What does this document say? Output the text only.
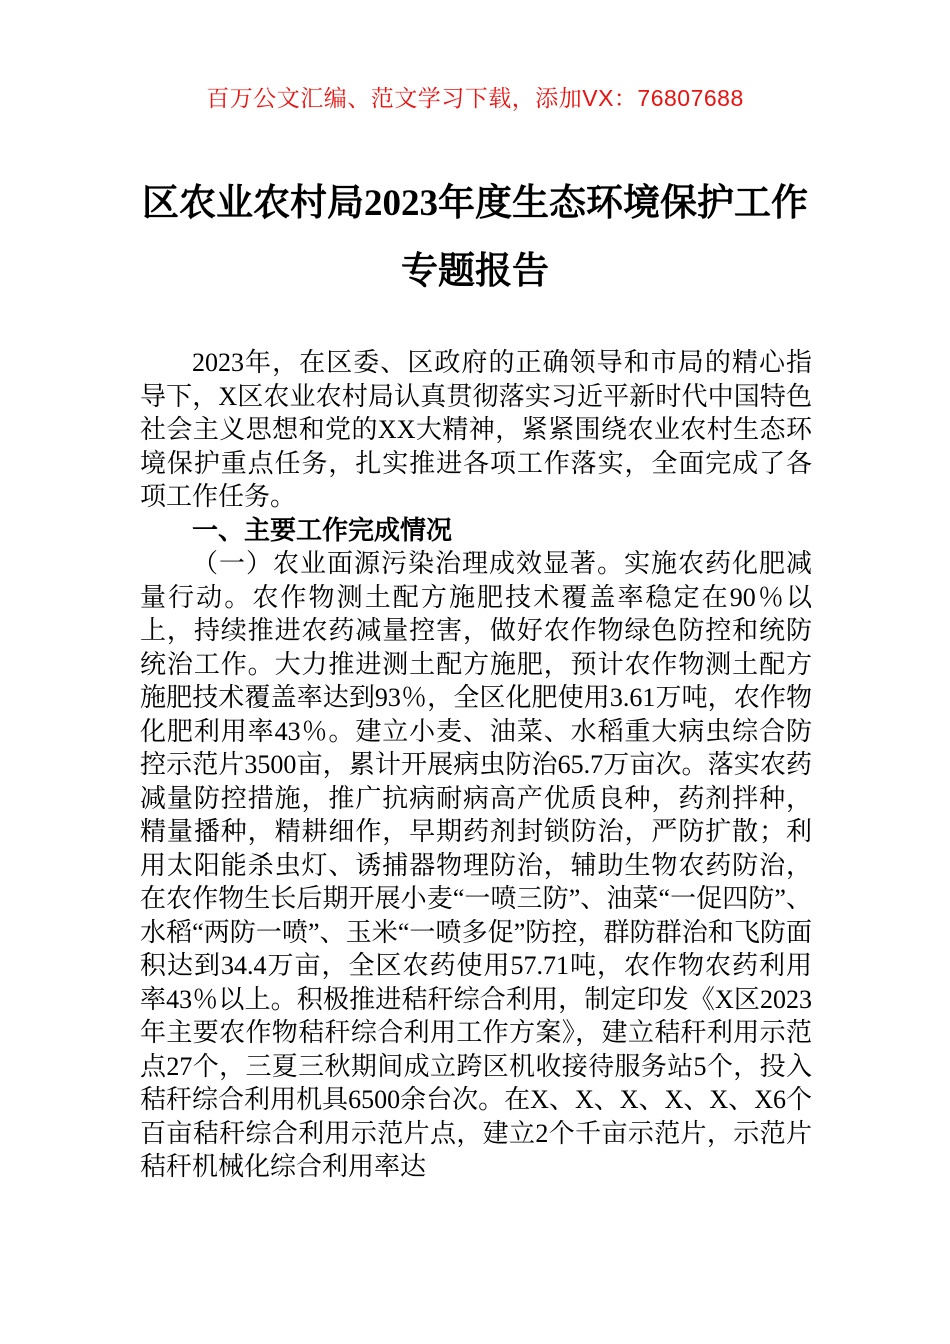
百万公文汇编、范文学习下载，添加VX：76807688
区农业农村局2023年度生态环境保护工作
专题报告

2023年，在区委、区政府的正确领导和市局的精心指导下，X区农业农村局认真贯彻落实习近平新时代中国特色社会主义思想和党的XX大精神，紧紧围绕农业农村生态环境保护重点任务，扎实推进各项工作落实，全面完成了各项工作任务。

一、主要工作完成情况

（一）农业面源污染治理成效显著。实施农药化肥减量行动。农作物测土配方施肥技术覆盖率稳定在90％以上，持续推进农药减量控害，做好农作物绿色防控和统防统治工作。大力推进测土配方施肥，预计农作物测土配方施肥技术覆盖率达到93％，全区化肥使用3.61万吨，农作物化肥利用率43％。建立小麦、油菜、水稻重大病虫综合防控示范片3500亩，累计开展病虫防治65.7万亩次。落实农药减量防控措施，推广抗病耐病高产优质良种，药剂拌种，精量播种，精耕细作，早期药剂封锁防治，严防扩散；利用太阳能杀虫灯、诱捕器物理防治，辅助生物农药防治，在农作物生长后期开展小麦“一喷三防”、油菜“一促四防”、水稻“两防一喷”、玉米“一喷多促”防控，群防群治和飞防面积达到34.4万亩，全区农药使用57.71吨，农作物农药利用率43％以上。积极推进秸秆综合利用，制定印发《X区2023年主要农作物秸秆综合利用工作方案》，建立秸秆利用示范点27个，三夏三秋期间成立跨区机收接待服务站5个，投入秸秆综合利用机具6500余台次。在X、X、X、X、X、X6个百亩秸秆综合利用示范片点，建立2个千亩示范片，示范片秸秆机械化综合利用率达
